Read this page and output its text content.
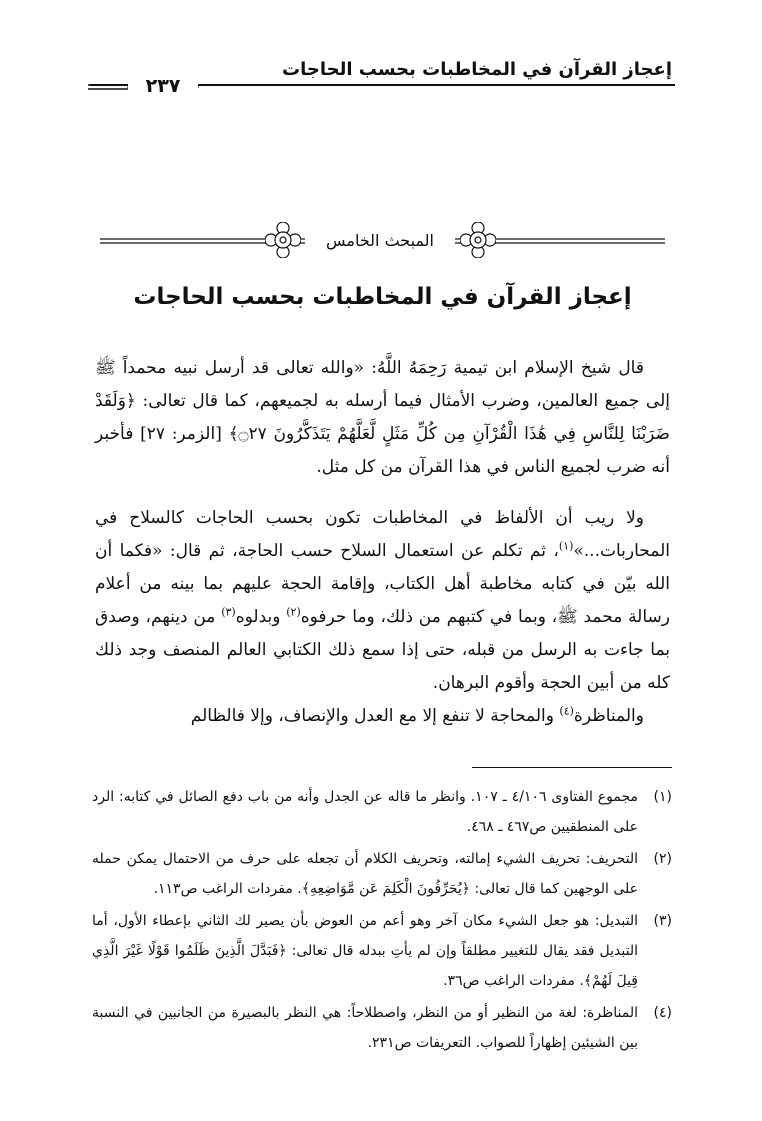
إعجاز القرآن في المخاطبات بحسب الحاجات
٢٣٧
المبحث الخامس
إعجاز القرآن في المخاطبات بحسب الحاجات

قال شيخ الإسلام ابن تيمية رَحِمَهُ اللَّهُ: «والله تعالى قد أرسل نبيه محمداً ﷺ إلى جميع العالمين، وضرب الأمثال فيما أرسله به لجميعهم، كما قال تعالى: ﴿وَلَقَدْ ضَرَبْنَا لِلنَّاسِ فِي هَٰذَا الْقُرْآنِ مِن كُلِّ مَثَلٍ لَّعَلَّهُمْ يَتَذَكَّرُونَ ۝٢٧﴾ [الزمر: ٢٧] فأخبر أنه ضرب لجميع الناس في هذا القرآن من كل مثل.

ولا ريب أن الألفاظ في المخاطبات تكون بحسب الحاجات كالسلاح في المحاربات...»$^{(١)}$، ثم تكلم عن استعمال السلاح حسب الحاجة، ثم قال: «فكما أن الله بيّن في كتابه مخاطبة أهل الكتاب، وإقامة الحجة عليهم بما بينه من أعلام رسالة محمد ﷺ، وبما في كتبهم من ذلك، وما حرفوه$^{(٢)}$ وبدلوه$^{(٣)}$ من دينهم، وصدق بما جاءت به الرسل من قبله، حتى إذا سمع ذلك الكتابي العالم المنصف وجد ذلك كله من أبين الحجة وأقوم البرهان.

والمناظرة$^{(٤)}$ والمحاجة لا تنفع إلا مع العدل والإنصاف، وإلا فالظالم

(١)
مجموع الفتاوى ٤/١٠٦ ـ ١٠٧. وانظر ما قاله عن الجدل وأنه من باب دفع الصائل في كتابه: الرد على المنطقيين ص٤٦٧ ـ ٤٦٨.
(٢)
التحريف: تحريف الشيء إمالته، وتحريف الكلام أن تجعله على حرف من الاحتمال يمكن حمله على الوجهين كما قال تعالى: ﴿يُحَرِّفُونَ الْكَلِمَ عَن مَّوَاضِعِهِ﴾. مفردات الراغب ص١١٣.
(٣)
التبديل: هو جعل الشيء مكان آخر وهو أعم من العوض بأن يصير لك الثاني بإعطاء الأول، أما التبديل فقد يقال للتغيير مطلقاً وإن لم يأتِ ببدله قال تعالى: ﴿فَبَدَّلَ الَّذِينَ ظَلَمُوا قَوْلًا غَيْرَ الَّذِي قِيلَ لَهُمْ﴾. مفردات الراغب ص٣٦.
(٤)
المناظرة: لغة من النظير أو من النظر، واصطلاحاً: هي النظر بالبصيرة من الجانبين في النسبة بين الشيئين إظهاراً للصواب. التعريفات ص٢٣١.
